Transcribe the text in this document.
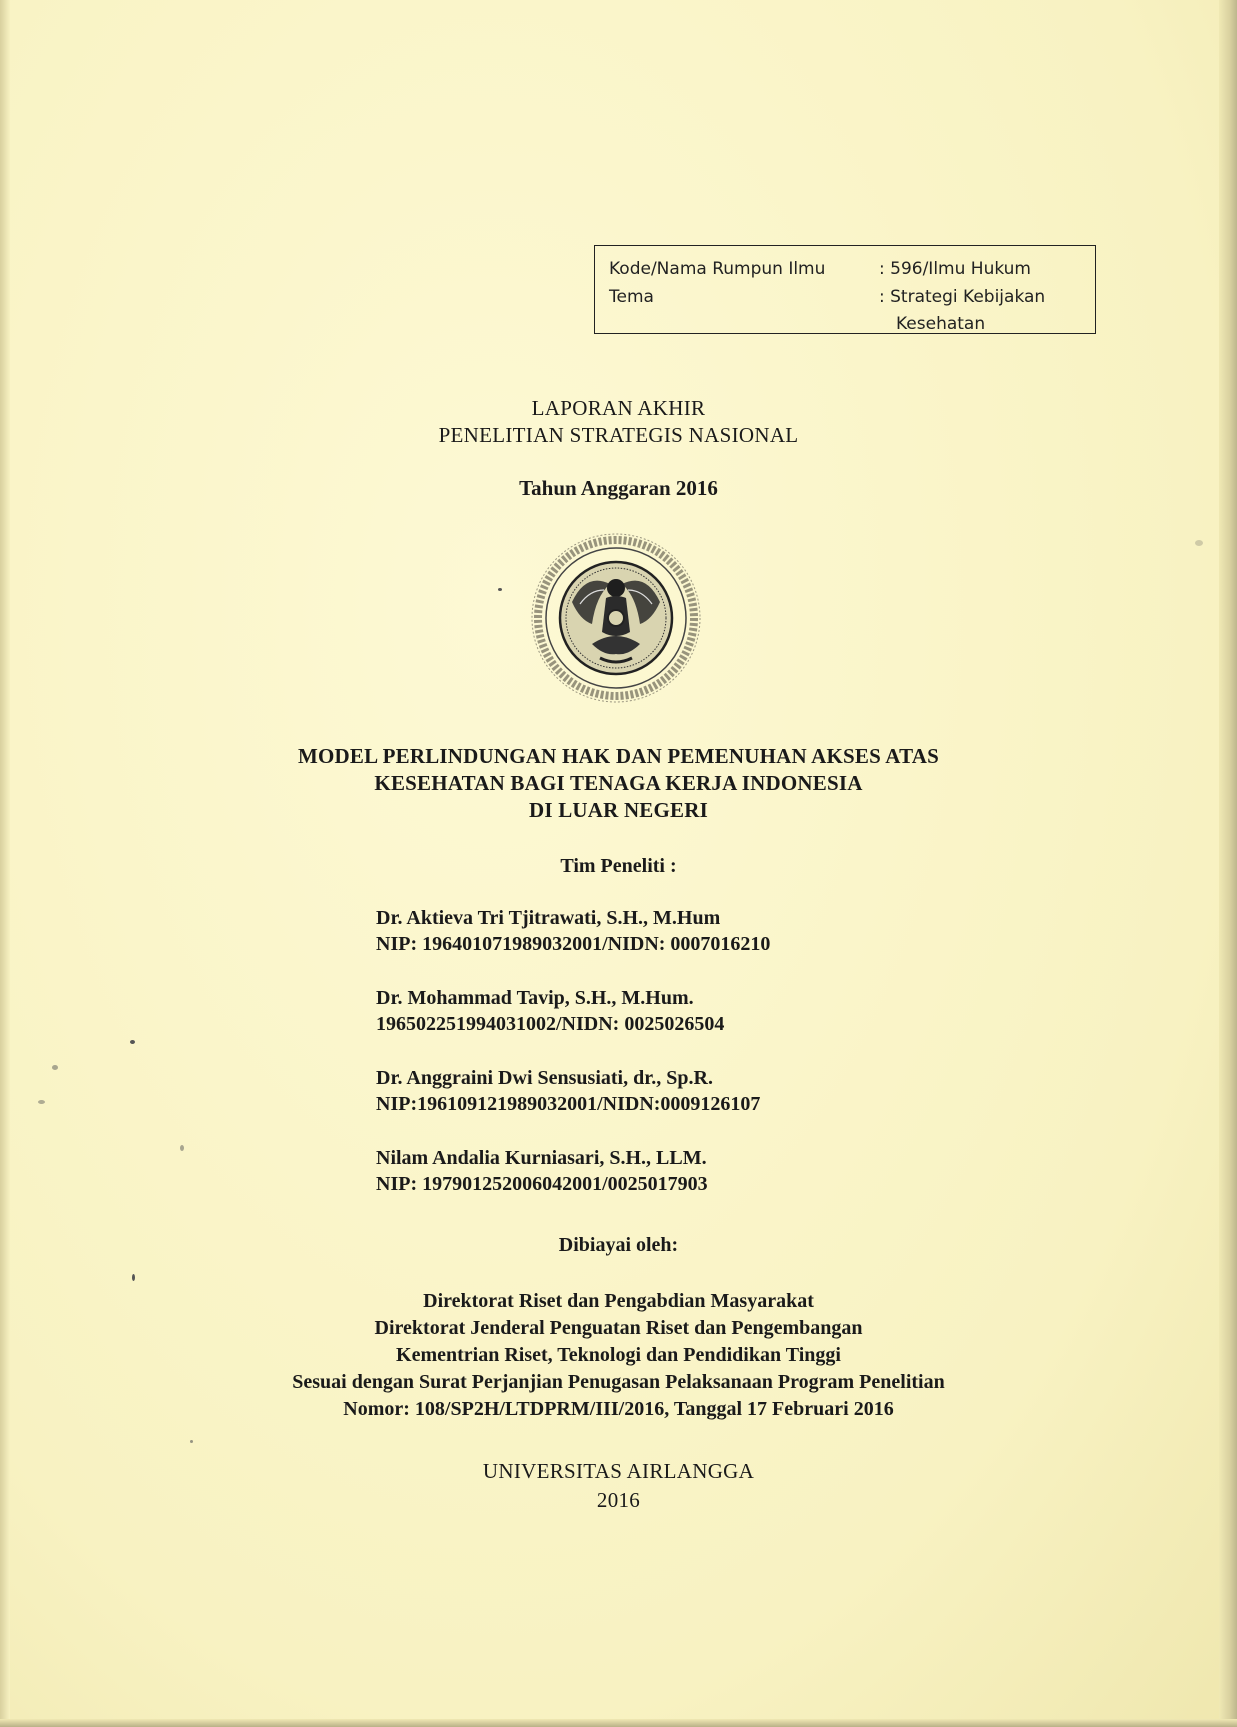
Kode/Nama Rumpun Ilmu	: 596/Ilmu Hukum
Tema	: Strategi Kebijakan
Kesehatan
LAPORAN AKHIR
PENELITIAN STRATEGIS NASIONAL
Tahun Anggaran 2016
MODEL PERLINDUNGAN HAK DAN PEMENUHAN AKSES ATAS
KESEHATAN BAGI TENAGA KERJA INDONESIA
DI LUAR NEGERI
Tim Peneliti :
Dr. Aktieva Tri Tjitrawati, S.H., M.Hum
NIP: 196401071989032001/NIDN: 0007016210
Dr. Mohammad Tavip, S.H., M.Hum.
196502251994031002/NIDN: 0025026504
Dr. Anggraini Dwi Sensusiati, dr., Sp.R.
NIP:196109121989032001/NIDN:0009126107
Nilam Andalia Kurniasari, S.H., LLM.
NIP: 197901252006042001/0025017903
Dibiayai oleh:
Direktorat Riset dan Pengabdian Masyarakat
Direktorat Jenderal Penguatan Riset dan Pengembangan
Kementrian Riset, Teknologi dan Pendidikan Tinggi
Sesuai dengan Surat Perjanjian Penugasan Pelaksanaan Program Penelitian
Nomor: 108/SP2H/LTDPRM/III/2016, Tanggal 17 Februari 2016
UNIVERSITAS AIRLANGGA
2016
